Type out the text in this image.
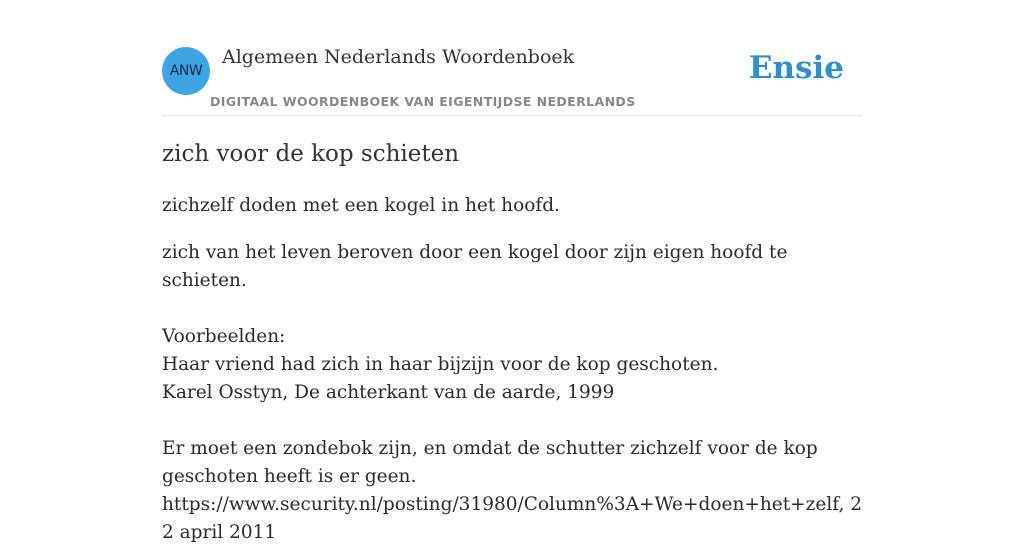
ANW
Algemeen Nederlands Woordenboek
DIGITAAL WOORDENBOEK VAN EIGENTIJDSE NEDERLANDS
Ensie
zich voor de kop schieten

zichzelf doden met een kogel in het hoofd.

zich van het leven beroven door een kogel door zijn eigen hoofd te schieten.

Voorbeelden:
Haar vriend had zich in haar bijzijn voor de kop geschoten.
Karel Osstyn, De achterkant van de aarde, 1999
Er moet een zondebok zijn, en omdat de schutter zichzelf voor de kop geschoten heeft is er geen.
https://www.security.nl/posting/31980/Column%3A+We+doen+het+zelf, 22 april 2011
